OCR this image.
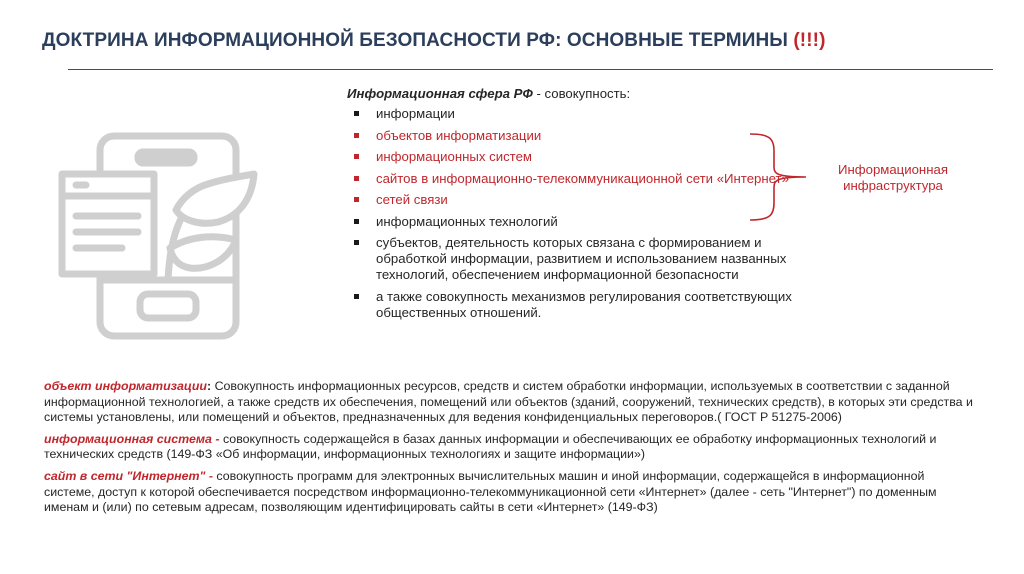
ДОКТРИНА ИНФОРМАЦИОННОЙ БЕЗОПАСНОСТИ РФ: ОСНОВНЫЕ ТЕРМИНЫ (!!!)

Информационная сфера РФ - совокупность:

информации
объектов информатизации
информационных систем
сайтов в информационно-телекоммуникационной сети «Интернет»
сетей связи
информационных технологий
субъектов, деятельность которых связана с формированием и обработкой информации, развитием и использованием названных технологий, обеспечением информационной безопасности
а также совокупность механизмов регулирования соответствующих общественных отношений.
Информационная инфраструктура

объект информатизации: Совокупность информационных ресурсов, средств и систем обработки информации, используемых в соответствии с заданной информационной технологией, а также средств их обеспечения, помещений или объектов (зданий, сооружений, технических средств), в которых эти средства и системы установлены, или помещений и объектов, предназначенных для ведения конфиденциальных переговоров.( ГОСТ Р 51275-2006)

информационная система - совокупность содержащейся в базах данных информации и обеспечивающих ее обработку информационных технологий и технических средств (149-ФЗ «Об информации, информационных технологиях и защите информации»)

сайт в сети "Интернет" - совокупность программ для электронных вычислительных машин и иной информации, содержащейся в информационной системе, доступ к которой обеспечивается посредством информационно-телекоммуникационной сети «Интернет» (далее - сеть "Интернет") по доменным именам и (или) по сетевым адресам, позволяющим идентифицировать сайты в сети «Интернет» (149-ФЗ)
